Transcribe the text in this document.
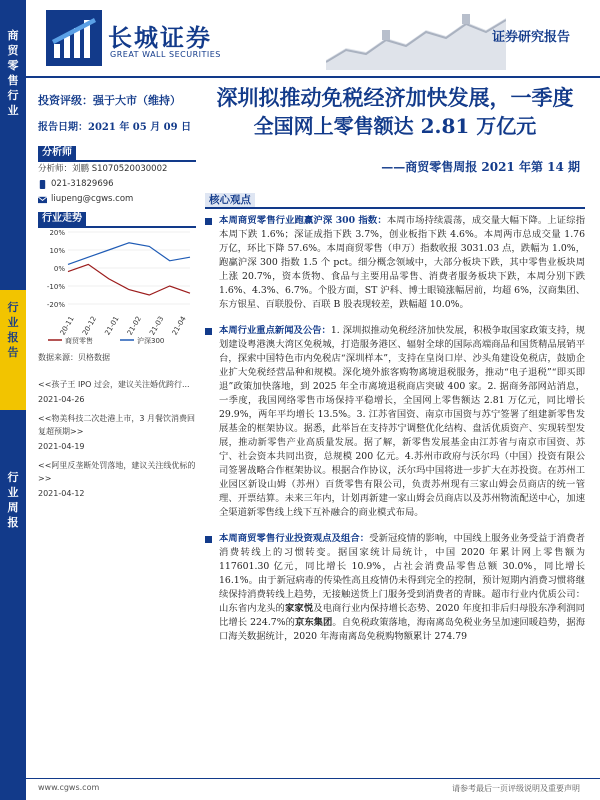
商贸零售行业
行业报告
行业周报
长城证券
GREAT WALL SECURITIES
证券研究报告
投资评级：强于大市（维持）
报告日期：2021 年 05 月 09 日
分析师
分析师：刘鹏 S1070520030002
021-31829696
liupeng@cgws.com
行业走势
20%
10%
0%
-10%
-20%
20-11 20-12 21-01 21-02 21-03 21-04
商贸零售	沪深300
数据来源：贝格数据
<<孩子王 IPO 过会，建议关注婚优跨行...
2021-04-26
<<物美科技二次赴港上市，3 月餐饮消费回复超预期>>
2021-04-19
<<阿里反垄断处罚落地，建议关注线优标的>>
2021-04-12
深圳拟推动免税经济加快发展，一季度
全国网上零售额达 2.81 万亿元
——商贸零售周报 2021 年第 14 期
核心观点
本周商贸零售行业跑赢沪深 300 指数：本周市场持续震荡，成交量大幅下降。上证综指本周下跌 1.6%；深证成指下跌 3.7%，创业板指下跌 4.6%。本周两市总成交量 1.76 万亿，环比下降 57.6%。本周商贸零售（申万）指数收报 3031.03 点，跌幅为 1.0%，跑赢沪深 300 指数 1.5 个 pct。细分概念领域中，大部分板块下跌，其中零售业板块周上涨 20.7%，资本货物、食品与主要用品零售、消费者服务板块下跌，本周分别下跌 1.6%、4.3%、6.7%。个股方面，ST 沪科、博士眼镜涨幅居前，均超 6%，汉商集团、东方银星、百联股份、百联 B 股表现较差，跌幅超 10.0%。
本周行业重点新闻及公告：1. 深圳拟推动免税经济加快发展，积极争取国家政策支持，规划建设粤港澳大湾区免税城，打造服务港区、辐射全球的国际高端商品和国货精品展销平台，探索中国特色市内免税店“深圳样本”，支持在皇岗口岸、沙头角建设免税店，鼓励企业扩大免税经营品种和规模。深化境外旅客购物离境退税服务，推动“电子退税”“即买即退”政策加快落地，到 2025 年全市离境退税商店突破 400 家。2. 据商务部网站消息，一季度，我国网络零售市场保持平稳增长，全国网上零售额达 2.81 万亿元，同比增长 29.9%，两年平均增长 13.5%。3. 江苏省国资、南京市国资与苏宁签署了组建新零售发展基金的框架协议。据悉，此举旨在支持苏宁调整优化结构、盘活优质资产、实现转型发展，推动新零售产业高质量发展。据了解，新零售发展基金由江苏省与南京市国资、苏宁、社会资本共同出资，总规模 200 亿元。4.苏州市政府与沃尔玛（中国）投资有限公司签署战略合作框架协议。根据合作协议，沃尔玛中国将进一步扩大在苏投资。在苏州工业园区新设山姆（苏州）百货零售有限公司，负责苏州现有三家山姆会员商店的统一管理、开票结算。未来三年内，计划再新建一家山姆会员商店以及苏州物流配送中心，加速全渠道新零售线上线下互补融合的商业模式布局。
本周商贸零售行业投资观点及组合：受新冠疫情的影响，中国线上服务业务受益于消费者消费转线上的习惯转变。据国家统计局统计，中国 2020 年累计网上零售额为 117601.30 亿元，同比增长 10.9%，占社会消费品零售总额 30.0%，同比增长 16.1%。由于新冠病毒的传染性高且疫情仍未得到完全的控制，预计短期内消费习惯将继续保持消费转线上趋势，无接触送货上门服务受到消费者的青睐。超市行业内优质公司：山东省内龙头的家家悦及电商行业内保持增长态势、2020 年度扣非后归母股东净利润同比增长 224.7%的京东集团。自免税政策落地，海南离岛免税业务呈加速回暖趋势，据海口海关数据统计，2020 年海南离岛免税购物额累计 274.79
www.cgws.com	请参考最后一页评级说明及重要声明
